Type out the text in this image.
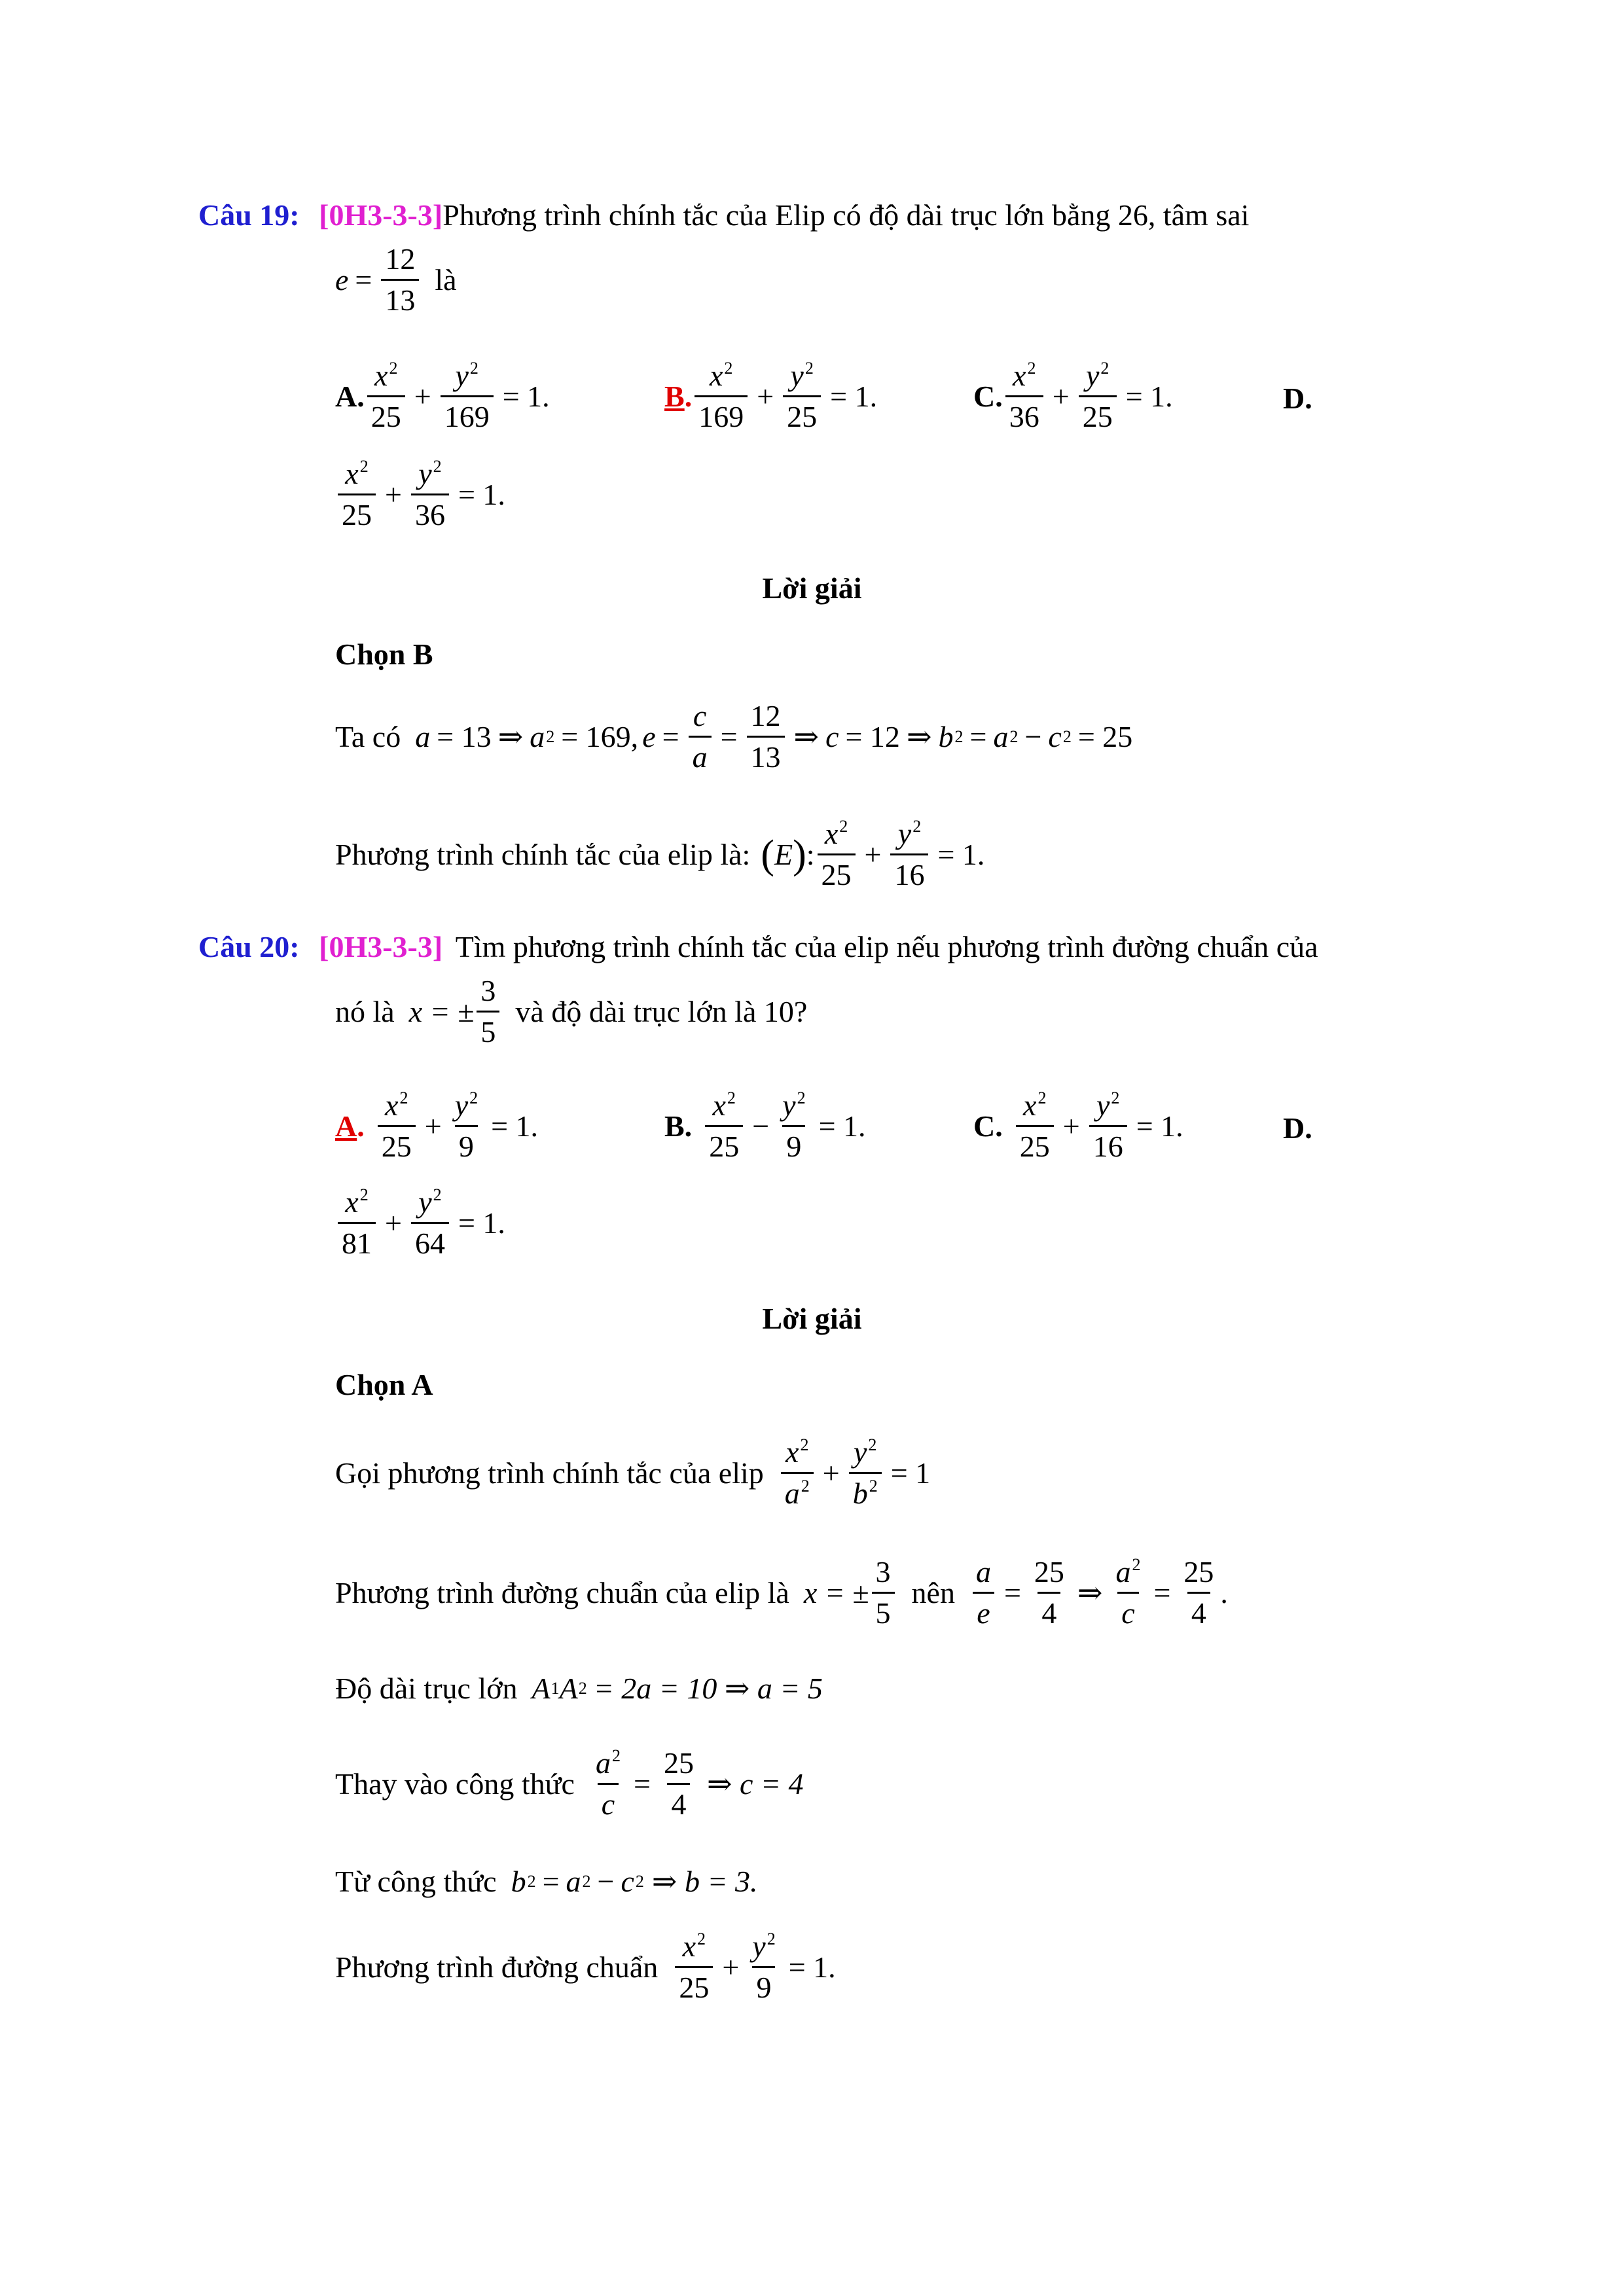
Câu 19: [0H3-3-3]Phương trình chính tắc của Elip có độ dài trục lớn bằng 26, tâm sai
$e = \frac{12}{13}$ là
A. $\frac{x^2}{25} + \frac{y^2}{169} = 1$.	B . $\frac{x^2}{169} + \frac{y^2}{25} = 1$.	C. $\frac{x^2}{36} + \frac{y^2}{25} = 1$.	D.
$\frac{x^2}{25} + \frac{y^2}{36} = 1$.
Lời giải
Chọn B
Ta có a = 13 ⇒ a 2 = 169, $e = \frac{c}{a} = \frac{12}{13}$ ⇒ c = 12 ⇒ b 2 = a 2 − c 2 = 25
Phương trình chính tắc của elip là: ( E ) : $\frac{x^2}{25} + \frac{y^2}{16} = 1$.
Câu 20: [0H3-3-3] Tìm phương trình chính tắc của elip nếu phương trình đường chuẩn của
nó là x = ± $\frac{3}{5}$ và độ dài trục lớn là 10?
A . $\frac{x^2}{25} + \frac{y^2}{9} = 1$.	B. $\frac{x^2}{25} - \frac{y^2}{9} = 1$.	C. $\frac{x^2}{25} + \frac{y^2}{16} = 1$.	D.
$\frac{x^2}{81} + \frac{y^2}{64} = 1$.
Lời giải
Chọn A
Gọi phương trình chính tắc của elip $\frac{x^2}{a^2} + \frac{y^2}{b^2} = 1$
Phương trình đường chuẩn của elip là x = ± $\frac{3}{5}$ nên $\frac{a}{e} = \frac{25}{4}$ ⇒ $\frac{a^2}{c} = \frac{25}{4}$ .
Độ dài trục lớn A 1 A 2 = 2a = 10 ⇒ a = 5
Thay vào công thức $\frac{a^2}{c} = \frac{25}{4}$ ⇒ c = 4
Từ công thức b 2 = a 2 − c 2 ⇒ b = 3.
Phương trình đường chuẩn $\frac{x^2}{25} + \frac{y^2}{9} = 1$.
